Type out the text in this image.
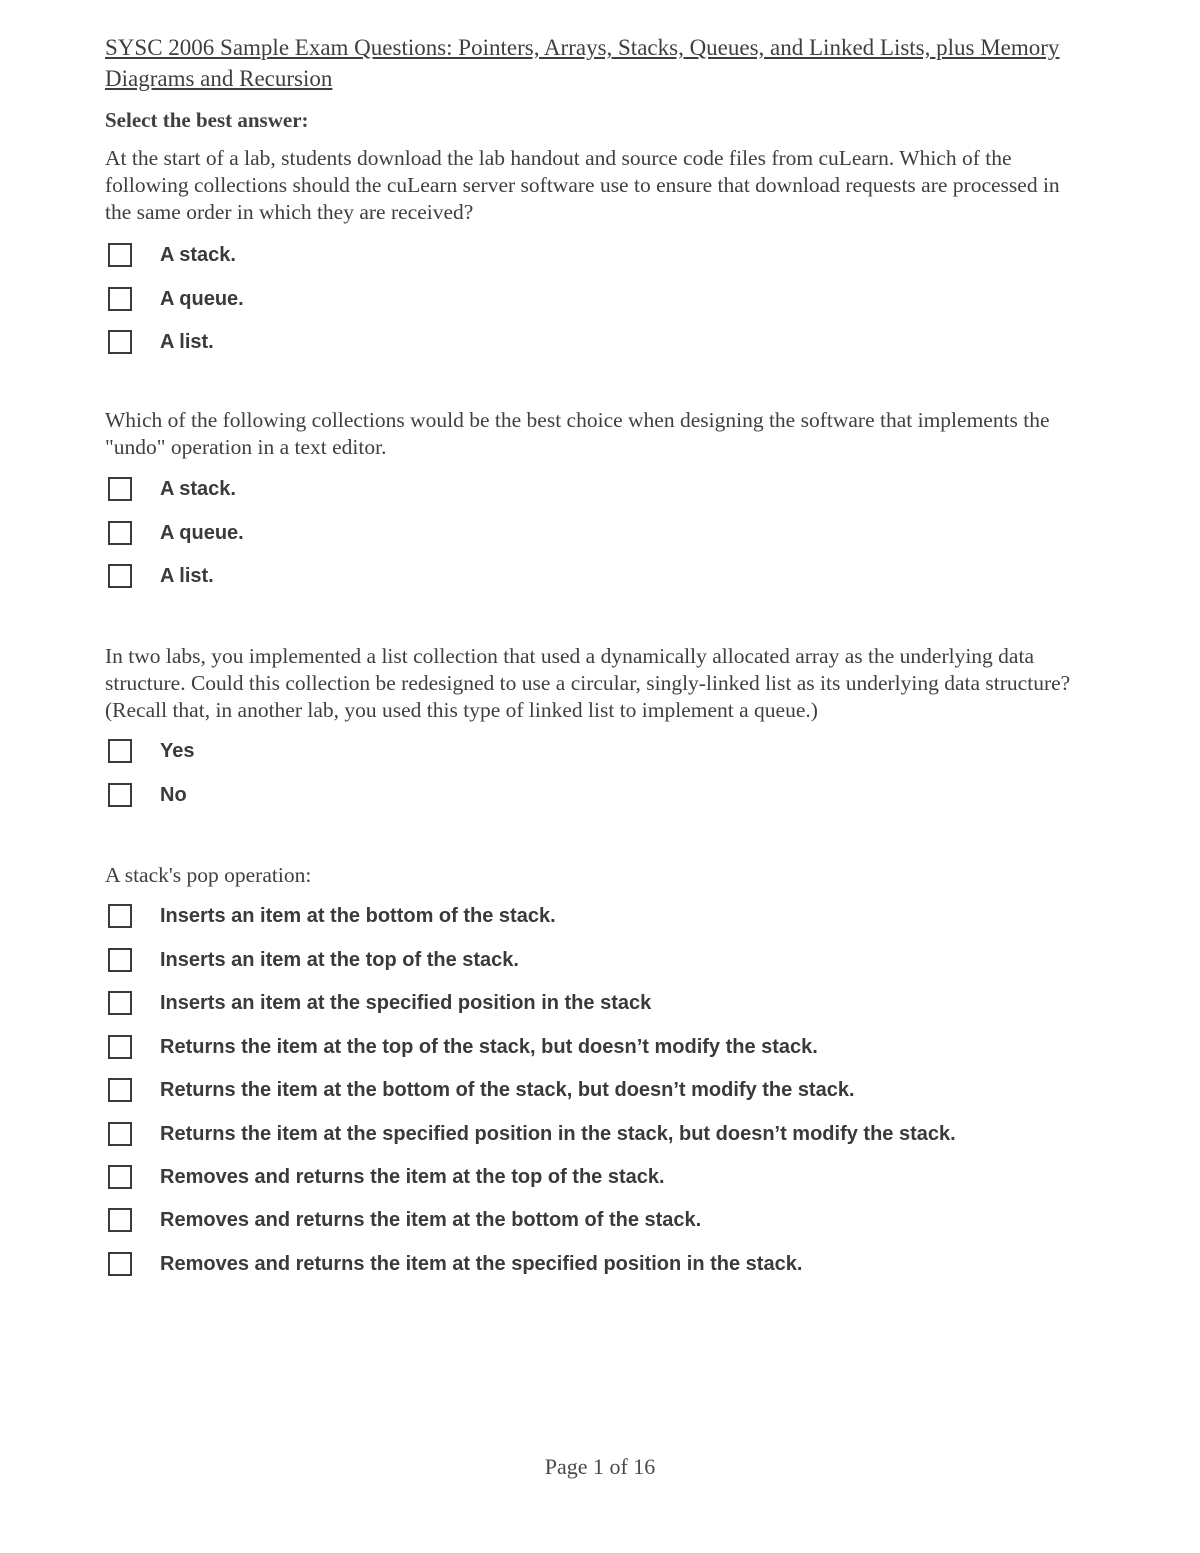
SYSC 2006 Sample Exam Questions: Pointers, Arrays, Stacks, Queues, and Linked Lists, plus Memory Diagrams and Recursion
Select the best answer:
At the start of a lab, students download the lab handout and source code files from cuLearn. Which of the following collections should the cuLearn server software use to ensure that download requests are processed in the same order in which they are received?
A stack.
A queue.
A list.
Which of the following collections would be the best choice when designing the software that implements the "undo" operation in a text editor.
A stack.
A queue.
A list.
In two labs, you implemented a list collection that used a dynamically allocated array as the underlying data structure. Could this collection be redesigned to use a circular, singly-linked list as its underlying data structure? (Recall that, in another lab, you used this type of linked list to implement a queue.)
Yes
No
A stack's pop operation:
Inserts an item at the bottom of the stack.
Inserts an item at the top of the stack.
Inserts an item at the specified position in the stack
Returns the item at the top of the stack, but doesn’t modify the stack.
Returns the item at the bottom of the stack, but doesn’t modify the stack.
Returns the item at the specified position in the stack, but doesn’t modify the stack.
Removes and returns the item at the top of the stack.
Removes and returns the item at the bottom of the stack.
Removes and returns the item at the specified position in the stack.
Page 1 of 16
